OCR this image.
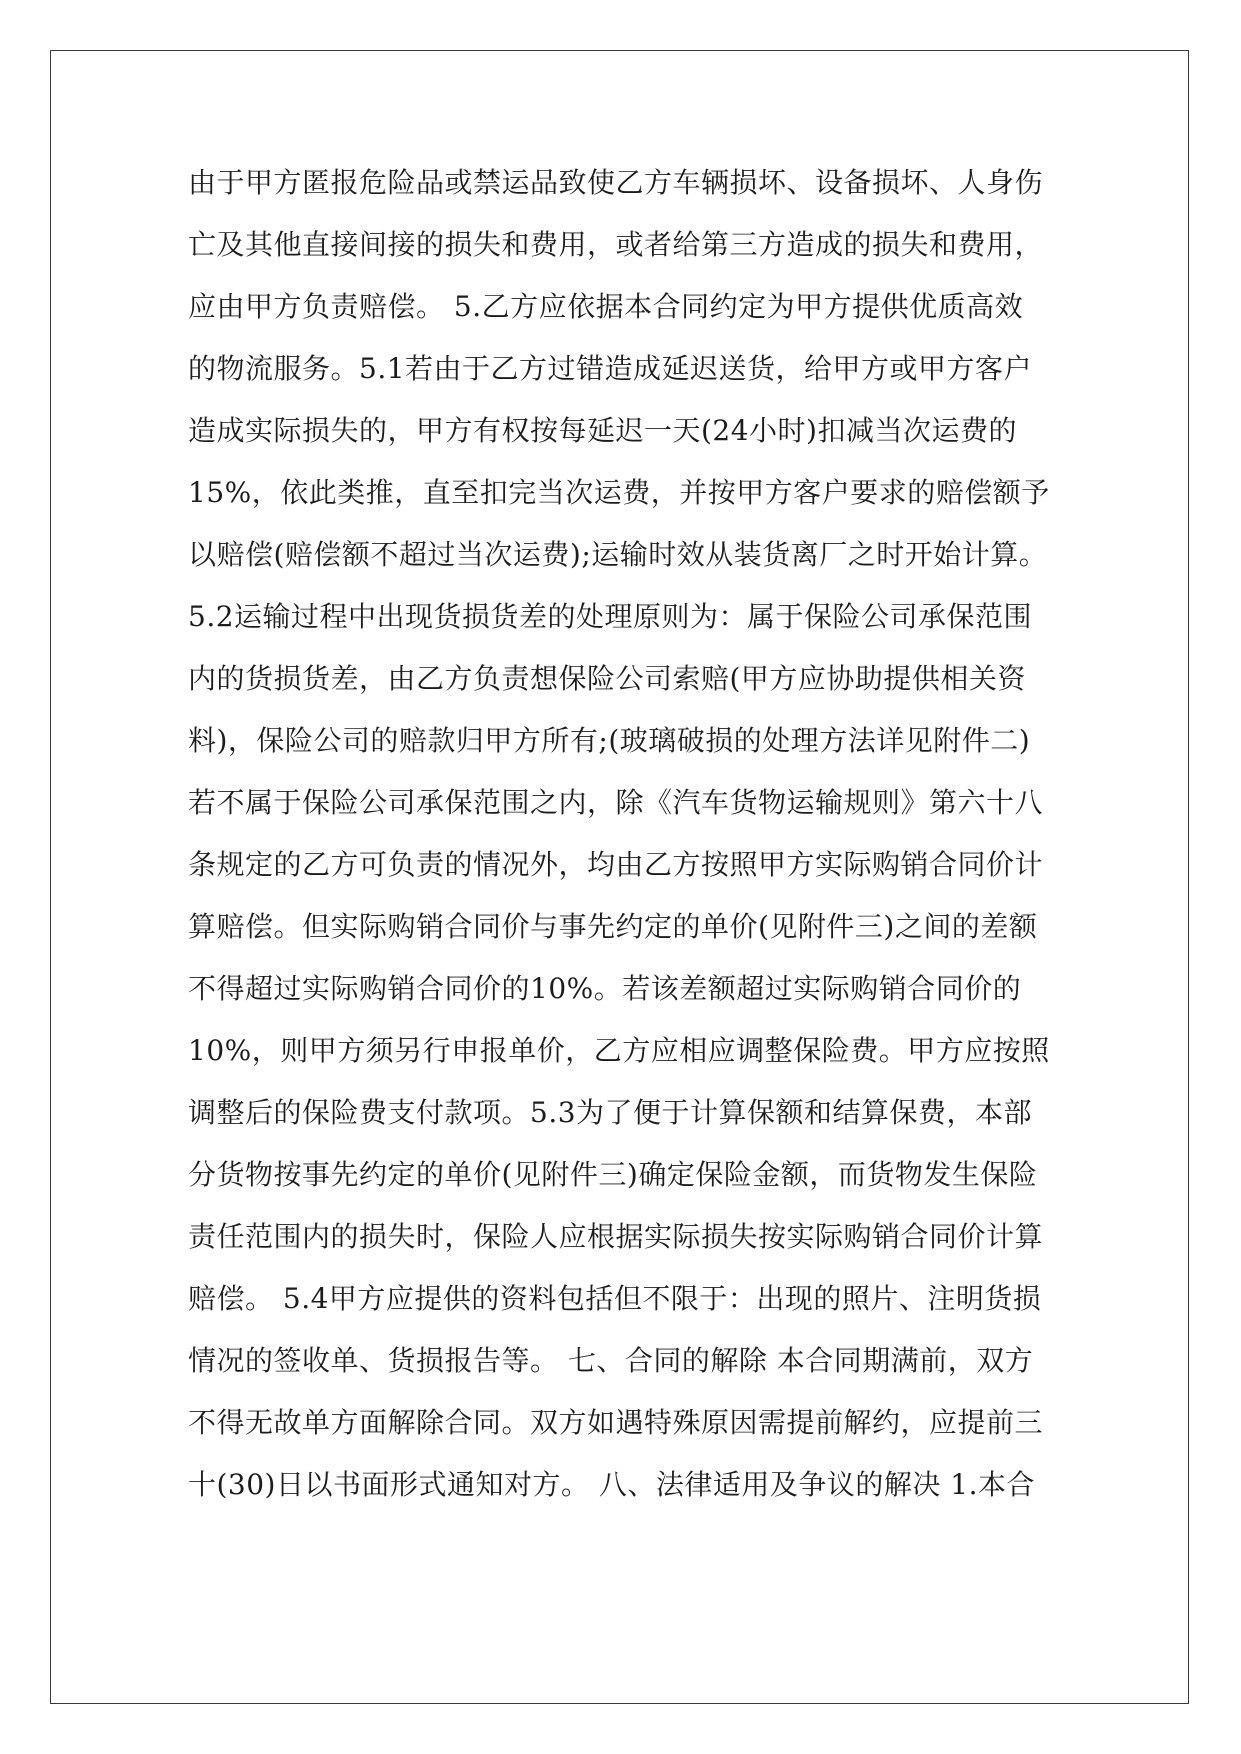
由于甲方匿报危险品或禁运品致使乙方车辆损坏、设备损坏、人身伤
亡及其他直接间接的损失和费用，或者给第三方造成的损失和费用，
应由甲方负责赔偿。 5.乙方应依据本合同约定为甲方提供优质高效
的物流服务。5.1若由于乙方过错造成延迟送货，给甲方或甲方客户
造成实际损失的，甲方有权按每延迟一天(24小时)扣减当次运费的
15%，依此类推，直至扣完当次运费，并按甲方客户要求的赔偿额予
以赔偿(赔偿额不超过当次运费);运输时效从装货离厂之时开始计算。
5.2运输过程中出现货损货差的处理原则为：属于保险公司承保范围
内的货损货差，由乙方负责想保险公司索赔(甲方应协助提供相关资
料)，保险公司的赔款归甲方所有;(玻璃破损的处理方法详见附件二)
若不属于保险公司承保范围之内，除《汽车货物运输规则》第六十八
条规定的乙方可负责的情况外，均由乙方按照甲方实际购销合同价计
算赔偿。但实际购销合同价与事先约定的单价(见附件三)之间的差额
不得超过实际购销合同价的10%。若该差额超过实际购销合同价的
10%，则甲方须另行申报单价，乙方应相应调整保险费。甲方应按照
调整后的保险费支付款项。5.3为了便于计算保额和结算保费，本部
分货物按事先约定的单价(见附件三)确定保险金额，而货物发生保险
责任范围内的损失时，保险人应根据实际损失按实际购销合同价计算
赔偿。 5.4甲方应提供的资料包括但不限于：出现的照片、注明货损
情况的签收单、货损报告等。 七、合同的解除 本合同期满前，双方
不得无故单方面解除合同。双方如遇特殊原因需提前解约，应提前三
十(30)日以书面形式通知对方。 八、法律适用及争议的解决 1.本合
